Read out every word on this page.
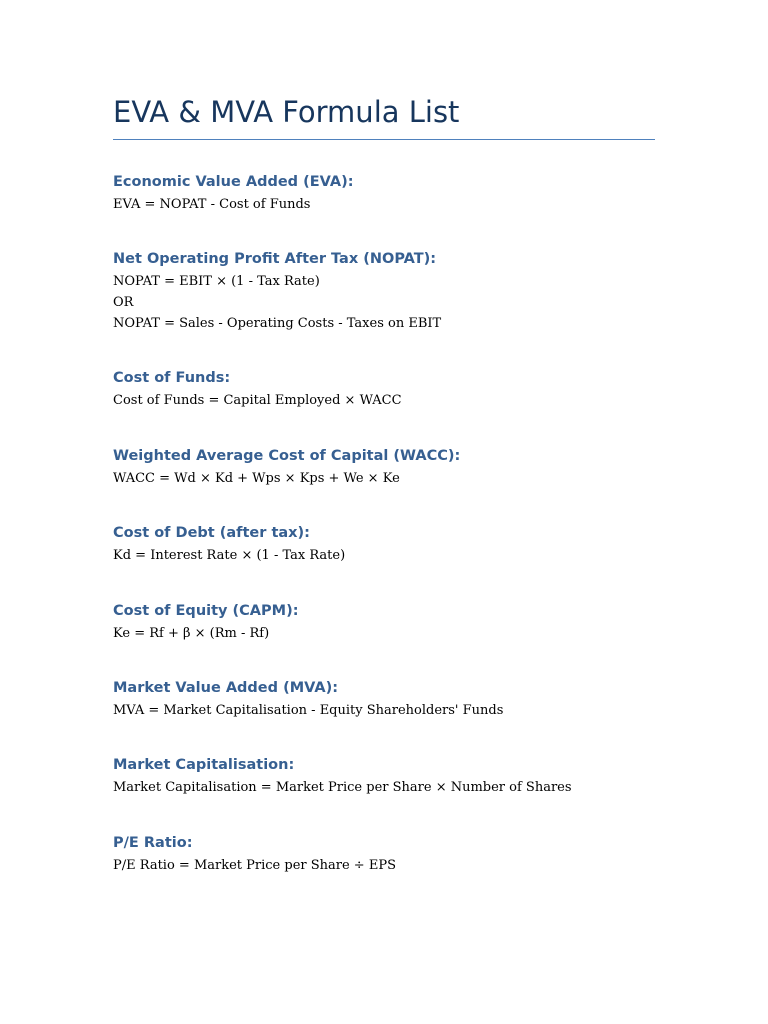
EVA & MVA Formula List
Economic Value Added (EVA):
EVA = NOPAT - Cost of Funds
Net Operating Profit After Tax (NOPAT):
NOPAT = EBIT × (1 - Tax Rate)
OR
NOPAT = Sales - Operating Costs - Taxes on EBIT
Cost of Funds:
Cost of Funds = Capital Employed × WACC
Weighted Average Cost of Capital (WACC):
WACC = Wd × Kd + Wps × Kps + We × Ke
Cost of Debt (after tax):
Kd = Interest Rate × (1 - Tax Rate)
Cost of Equity (CAPM):
Ke = Rf + β × (Rm - Rf)
Market Value Added (MVA):
MVA = Market Capitalisation - Equity Shareholders' Funds
Market Capitalisation:
Market Capitalisation = Market Price per Share × Number of Shares
P/E Ratio:
P/E Ratio = Market Price per Share ÷ EPS
